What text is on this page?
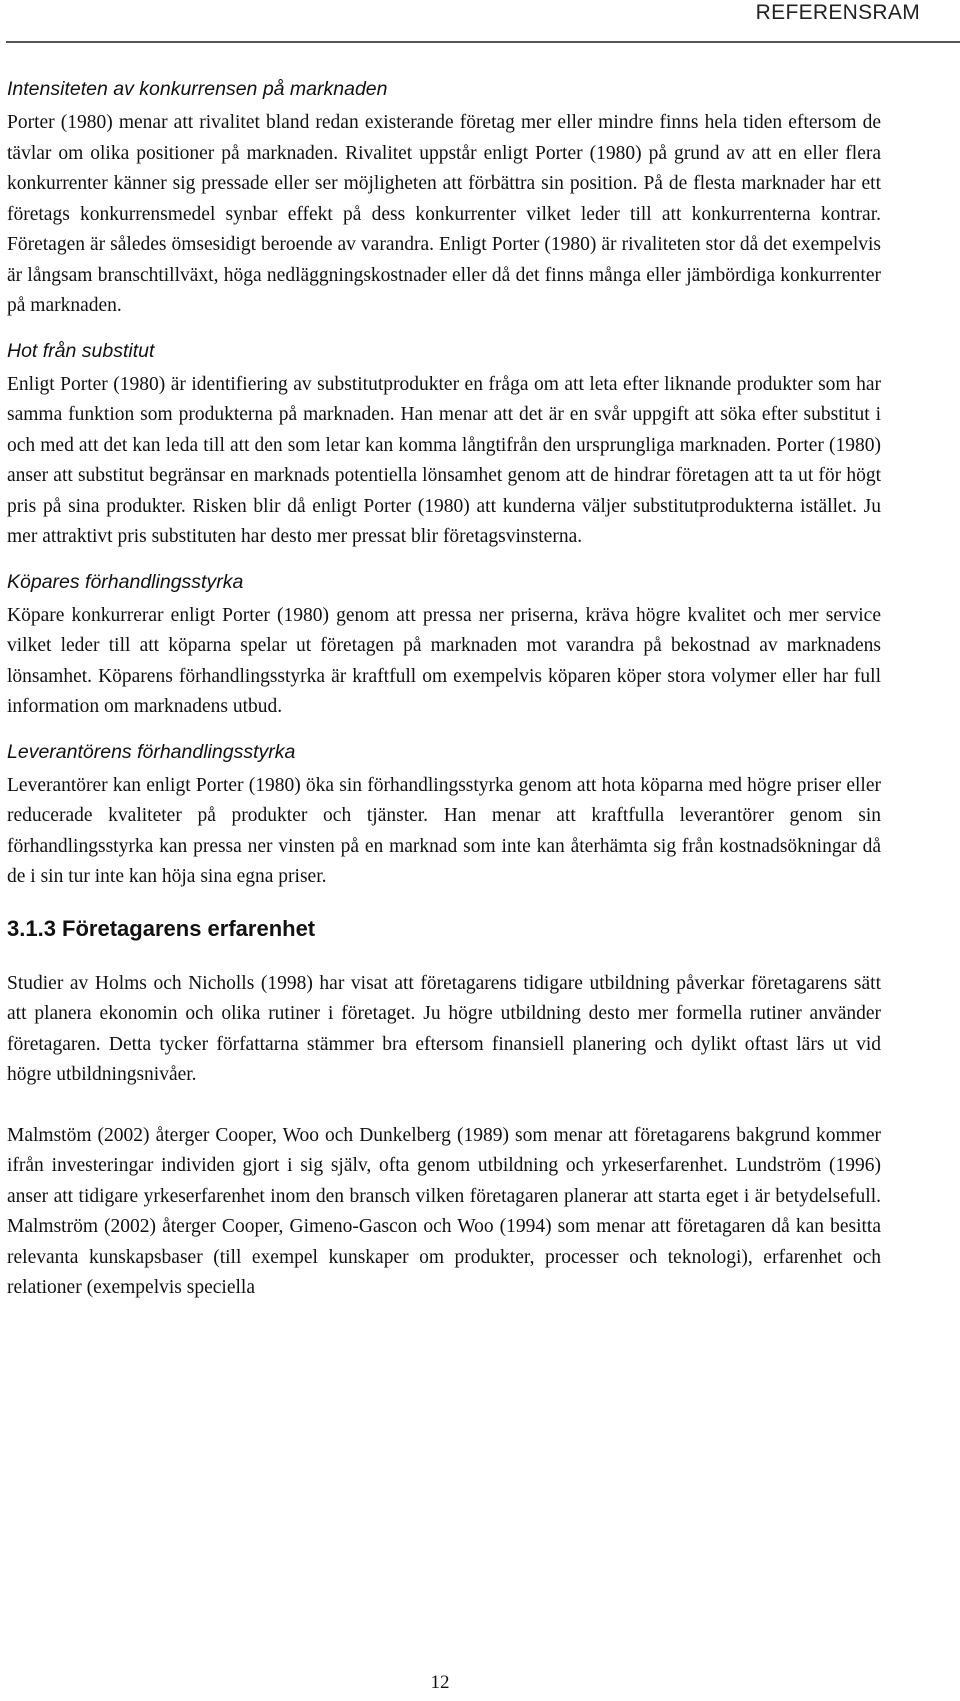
REFERENSRAM
Intensiteten av konkurrensen på marknaden

Porter (1980) menar att rivalitet bland redan existerande företag mer eller mindre finns hela tiden eftersom de tävlar om olika positioner på marknaden. Rivalitet uppstår enligt Porter (1980) på grund av att en eller flera konkurrenter känner sig pressade eller ser möjligheten att förbättra sin position. På de flesta marknader har ett företags konkurrensmedel synbar effekt på dess konkurrenter vilket leder till att konkurrenterna kontrar. Företagen är således ömsesidigt beroende av varandra. Enligt Porter (1980) är rivaliteten stor då det exempelvis är långsam branschtillväxt, höga nedläggningskostnader eller då det finns många eller jämbördiga konkurrenter på marknaden.

Hot från substitut

Enligt Porter (1980) är identifiering av substitutprodukter en fråga om att leta efter liknande produkter som har samma funktion som produkterna på marknaden. Han menar att det är en svår uppgift att söka efter substitut i och med att det kan leda till att den som letar kan komma långtifrån den ursprungliga marknaden. Porter (1980) anser att substitut begränsar en marknads potentiella lönsamhet genom att de hindrar företagen att ta ut för högt pris på sina produkter. Risken blir då enligt Porter (1980) att kunderna väljer substitutprodukterna istället. Ju mer attraktivt pris substituten har desto mer pressat blir företagsvinsterna.

Köpares förhandlingsstyrka

Köpare konkurrerar enligt Porter (1980) genom att pressa ner priserna, kräva högre kvalitet och mer service vilket leder till att köparna spelar ut företagen på marknaden mot varandra på bekostnad av marknadens lönsamhet. Köparens förhandlingsstyrka är kraftfull om exempelvis köparen köper stora volymer eller har full information om marknadens utbud.

Leverantörens förhandlingsstyrka

Leverantörer kan enligt Porter (1980) öka sin förhandlingsstyrka genom att hota köparna med högre priser eller reducerade kvaliteter på produkter och tjänster. Han menar att kraftfulla leverantörer genom sin förhandlingsstyrka kan pressa ner vinsten på en marknad som inte kan återhämta sig från kostnadsökningar då de i sin tur inte kan höja sina egna priser.

3.1.3 Företagarens erfarenhet

Studier av Holms och Nicholls (1998) har visat att företagarens tidigare utbildning påverkar företagarens sätt att planera ekonomin och olika rutiner i företaget. Ju högre utbildning desto mer formella rutiner använder företagaren. Detta tycker författarna stämmer bra eftersom finansiell planering och dylikt oftast lärs ut vid högre utbildningsnivåer.

Malmstöm (2002) återger Cooper, Woo och Dunkelberg (1989) som menar att företagarens bakgrund kommer ifrån investeringar individen gjort i sig själv, ofta genom utbildning och yrkeserfarenhet. Lundström (1996) anser att tidigare yrkeserfarenhet inom den bransch vilken företagaren planerar att starta eget i är betydelsefull. Malmström (2002) återger Cooper, Gimeno-Gascon och Woo (1994) som menar att företagaren då kan besitta relevanta kunskapsbaser (till exempel kunskaper om produkter, processer och teknologi), erfarenhet och relationer (exempelvis speciella

12
